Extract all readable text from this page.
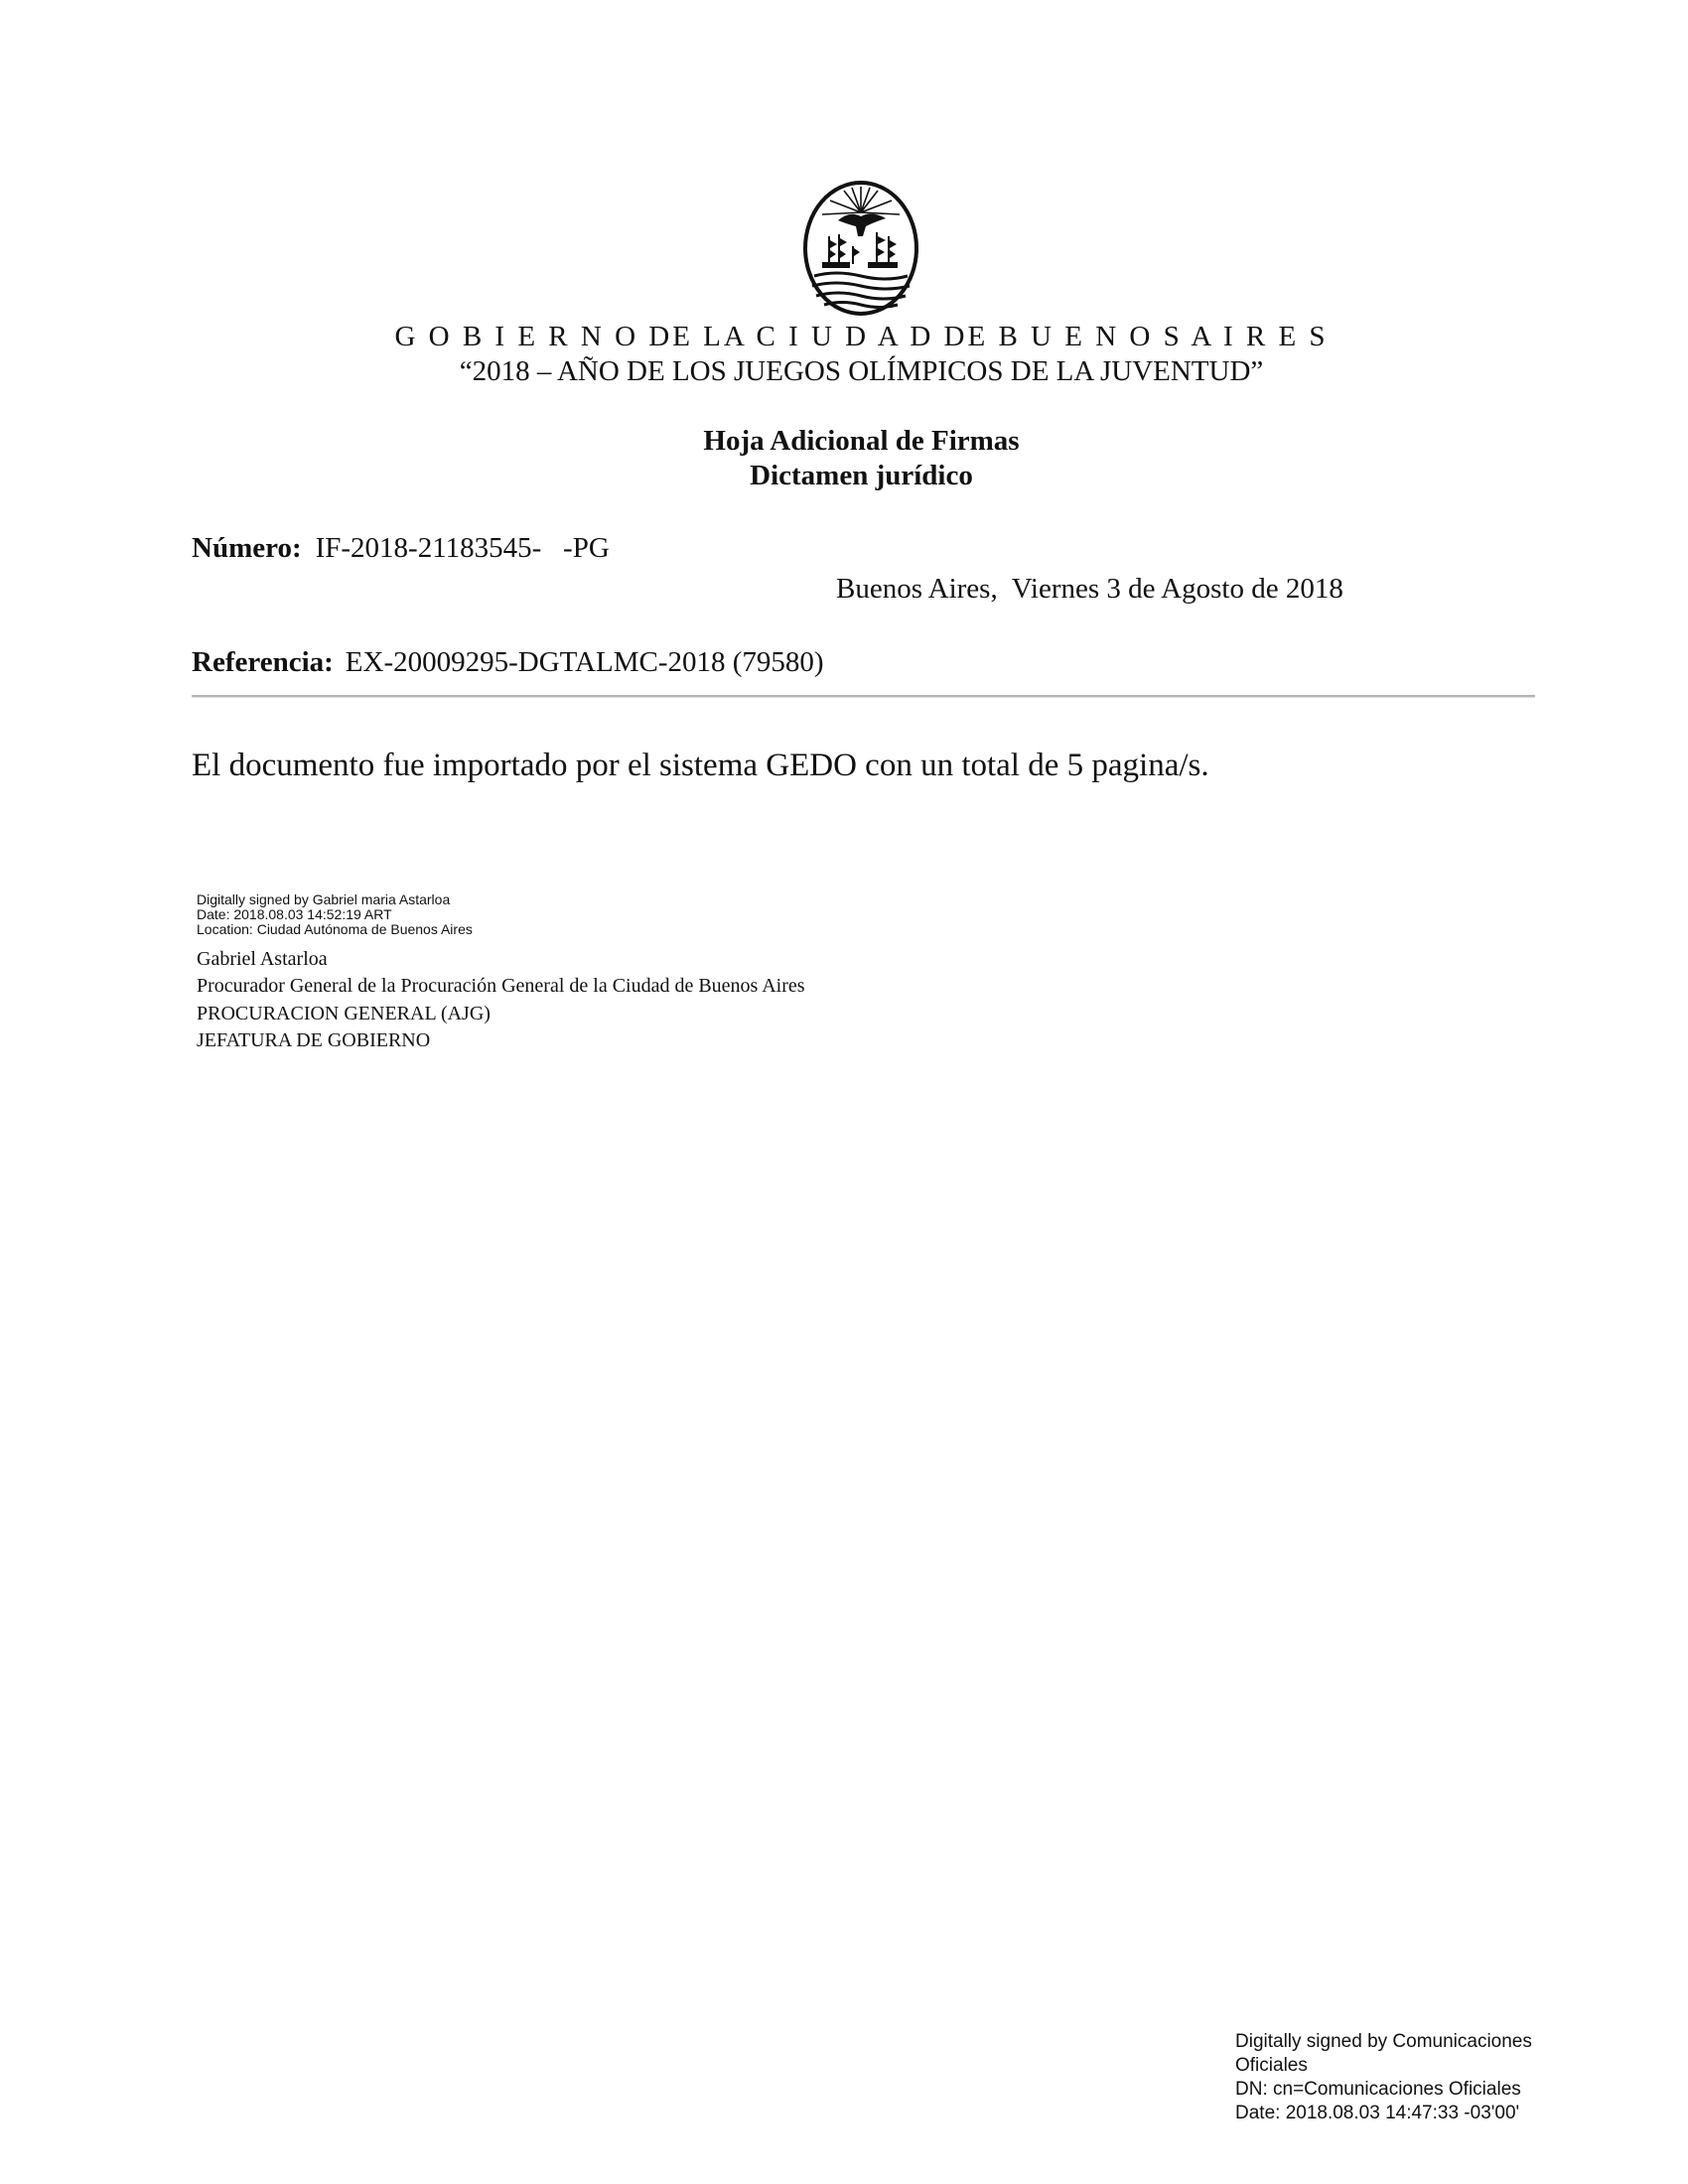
G O B I E R N O DE LA C I U D A D DE B U E N O S A I R E S
“2018 – AÑO DE LOS JUEGOS OLÍMPICOS DE LA JUVENTUD”
Hoja Adicional de Firmas
Dictamen jurídico
Número: IF-2018-21183545-   -PG
Buenos Aires,  Viernes 3 de Agosto de 2018
Referencia: EX-20009295-DGTALMC-2018 (79580)
El documento fue importado por el sistema GEDO con un total de 5 pagina/s.
Digitally signed by Gabriel maria Astarloa
Date: 2018.08.03 14:52:19 ART
Location: Ciudad Autónoma de Buenos Aires
Gabriel Astarloa
Procurador General de la Procuración General de la Ciudad de Buenos Aires
PROCURACION GENERAL (AJG)
JEFATURA DE GOBIERNO
Digitally signed by Comunicaciones
Oficiales
DN: cn=Comunicaciones Oficiales
Date: 2018.08.03 14:47:33 -03'00'
